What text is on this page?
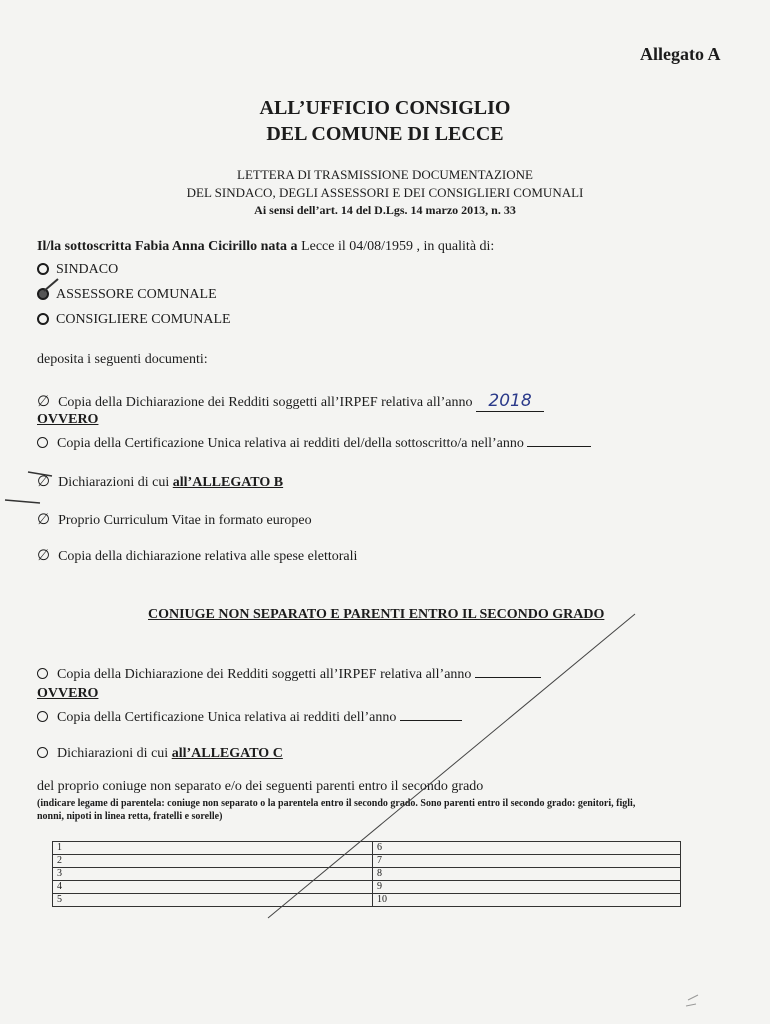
Allegato A
ALL’UFFICIO CONSIGLIO
DEL COMUNE DI LECCE
LETTERA DI TRASMISSIONE DOCUMENTAZIONE
DEL SINDACO, DEGLI ASSESSORI E DEI CONSIGLIERI COMUNALI
Ai sensi dell’art. 14 del D.Lgs. 14 marzo 2013, n. 33
Il/la sottoscritta Fabia Anna Cicirillo nata a Lecce il 04/08/1959 , in qualità di:
SINDACO
ASSESSORE COMUNALE
CONSIGLIERE COMUNALE
deposita i seguenti documenti:
∅ Copia della Dichiarazione dei Redditi soggetti all’IRPEF relativa all’anno 2018
OVVERO
Copia della Certificazione Unica relativa ai redditi del/della sottoscritto/a nell’anno
∅ Dichiarazioni di cui all’ALLEGATO B
∅ Proprio Curriculum Vitae in formato europeo
∅ Copia della dichiarazione relativa alle spese elettorali
CONIUGE NON SEPARATO E PARENTI ENTRO IL SECONDO GRADO
Copia della Dichiarazione dei Redditi soggetti all’IRPEF relativa all’anno
OVVERO
Copia della Certificazione Unica relativa ai redditi dell’anno
Dichiarazioni di cui all’ALLEGATO C
del proprio coniuge non separato e/o dei seguenti parenti entro il secondo grado
(indicare legame di parentela: coniuge non separato o la parentela entro il secondo grado. Sono parenti entro il secondo grado: genitori, figli,
nonni, nipoti in linea retta, fratelli e sorelle)
1	6
2	7
3	8
4	9
5	10
